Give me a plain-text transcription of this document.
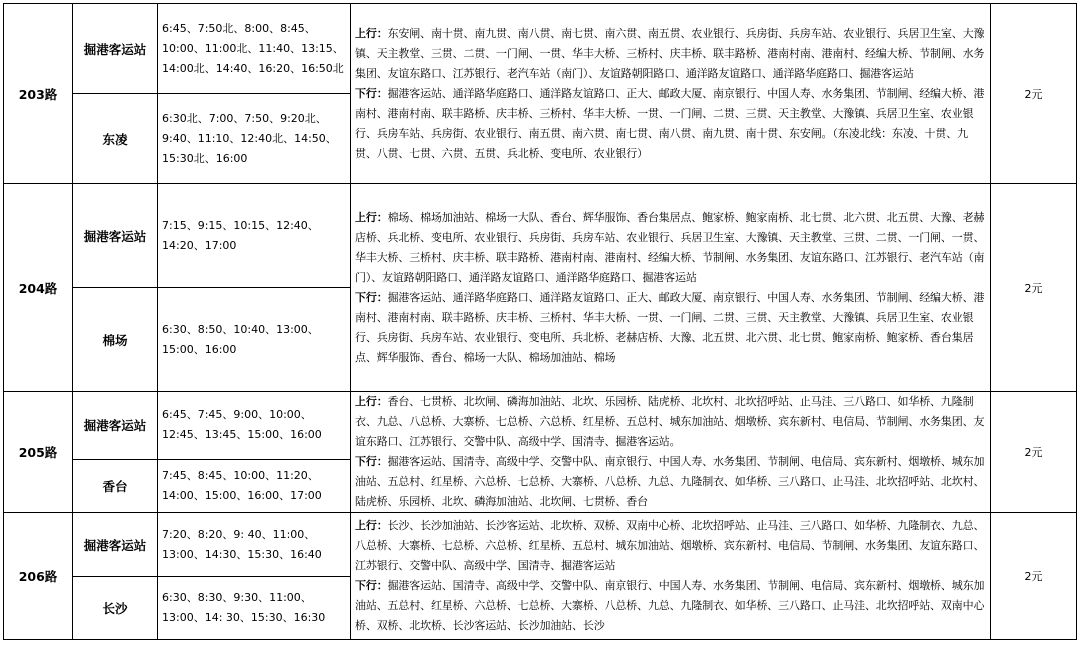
203路	掘港客运站	6:45、7:50北、8:00、8:45、10:00、11:00北、11:40、13:15、14:00北、14:40、16:20、16:50北	上行：东安闸、南十贯、南九贯、南八贯、南七贯、南六贯、南五贯、农业银行、兵房街、兵房车站、农业银行、兵居卫生室、大豫镇、天主教堂、三贯、二贯、一门闸、一贯、华丰大桥、三桥村、庆丰桥、联丰路桥、港南村南、港南村、经编大桥、节制闸、水务集团、友谊东路口、江苏银行、老汽车站（南门）、友谊路朝阳路口、通洋路友谊路口、通洋路华庭路口、掘港客运站
下行：掘港客运站、通洋路华庭路口、通洋路友谊路口、正大、邮政大厦、南京银行、中国人寿、水务集团、节制闸、经编大桥、港南村、港南村南、联丰路桥、庆丰桥、三桥村、华丰大桥、一贯、一门闸、二贯、三贯、天主教堂、大豫镇、兵居卫生室、农业银行、兵房车站、兵房街、农业银行、南五贯、南六贯、南七贯、南八贯、南九贯、南十贯、东安闸。（东凌北线：东凌、十贯、九贯、八贯、七贯、六贯、五贯、兵北桥、变电所、农业银行）	2元
	东凌	6:30北、7:00、7:50、9:20北、9:40、11:10、12:40北、14:50、15:30北、16:00		
204路	掘港客运站	7:15、9:15、10:15、12:40、14:20、17:00	上行：棉场、棉场加油站、棉场一大队、香台、辉华服饰、香台集居点、鲍家桥、鲍家南桥、北七贯、北六贯、北五贯、大豫、老赫店桥、兵北桥、变电所、农业银行、兵房街、兵房车站、农业银行、兵居卫生室、大豫镇、天主教堂、三贯、二贯、一门闸、一贯、华丰大桥、三桥村、庆丰桥、联丰路桥、港南村南、港南村、经编大桥、节制闸、水务集团、友谊东路口、江苏银行、老汽车站（南门）、友谊路朝阳路口、通洋路友谊路口、通洋路华庭路口、掘港客运站
下行：掘港客运站、通洋路华庭路口、通洋路友谊路口、正大、邮政大厦、南京银行、中国人寿、水务集团、节制闸、经编大桥、港南村、港南村南、联丰路桥、庆丰桥、三桥村、华丰大桥、一贯、一门闸、二贯、三贯、天主教堂、大豫镇、兵居卫生室、农业银行、兵房街、兵房车站、农业银行、变电所、兵北桥、老赫店桥、大豫、北五贯、北六贯、北七贯、鲍家南桥、鲍家桥、香台集居点、辉华服饰、香台、棉场一大队、棉场加油站、棉场	2元
	棉场	6:30、8:50、10:40、13:00、15:00、16:00		
205路	掘港客运站	6:45、7:45、9:00、10:00、12:45、13:45、15:00、16:00	上行：香台、七贯桥、北坎闸、磷海加油站、北坎、乐园桥、陆虎桥、北坎村、北坎招呼站、止马洼、三八路口、如华桥、九隆制衣、九总、八总桥、大寨桥、七总桥、六总桥、红星桥、五总村、城东加油站、烟墩桥、宾东新村、电信局、节制闸、水务集团、友谊东路口、江苏银行、交警中队、高级中学、国清寺、掘港客运站。
下行：掘港客运站、国清寺、高级中学、交警中队、南京银行、中国人寿、水务集团、节制闸、电信局、宾东新村、烟墩桥、城东加油站、五总村、红星桥、六总桥、七总桥、大寨桥、八总桥、九总、九隆制衣、如华桥、三八路口、止马洼、北坎招呼站、北坎村、陆虎桥、乐园桥、北坎、磷海加油站、北坎闸、七贯桥、香台	2元
	香台	7:45、8:45、10:00、11:20、14:00、15:00、16:00、17:00		
206路	掘港客运站	7:20、8:20、9: 40、11:00、13:00、14:30、15:30、16:40	上行：长沙、长沙加油站、长沙客运站、北坎桥、双桥、双南中心桥、北坎招呼站、止马洼、三八路口、如华桥、九隆制衣、九总、八总桥、大寨桥、七总桥、六总桥、红星桥、五总村、城东加油站、烟墩桥、宾东新村、电信局、节制闸、水务集团、友谊东路口、江苏银行、交警中队、高级中学、国清寺、掘港客运站
下行：掘港客运站、国清寺、高级中学、交警中队、南京银行、中国人寿、水务集团、节制闸、电信局、宾东新村、烟墩桥、城东加油站、五总村、红星桥、六总桥、七总桥、大寨桥、八总桥、九总、九隆制衣、如华桥、三八路口、止马洼、北坎招呼站、双南中心桥、双桥、北坎桥、长沙客运站、长沙加油站、长沙	2元
	长沙	6:30、8:30、9:30、11:00、13:00、14: 30、15:30、16:30		
